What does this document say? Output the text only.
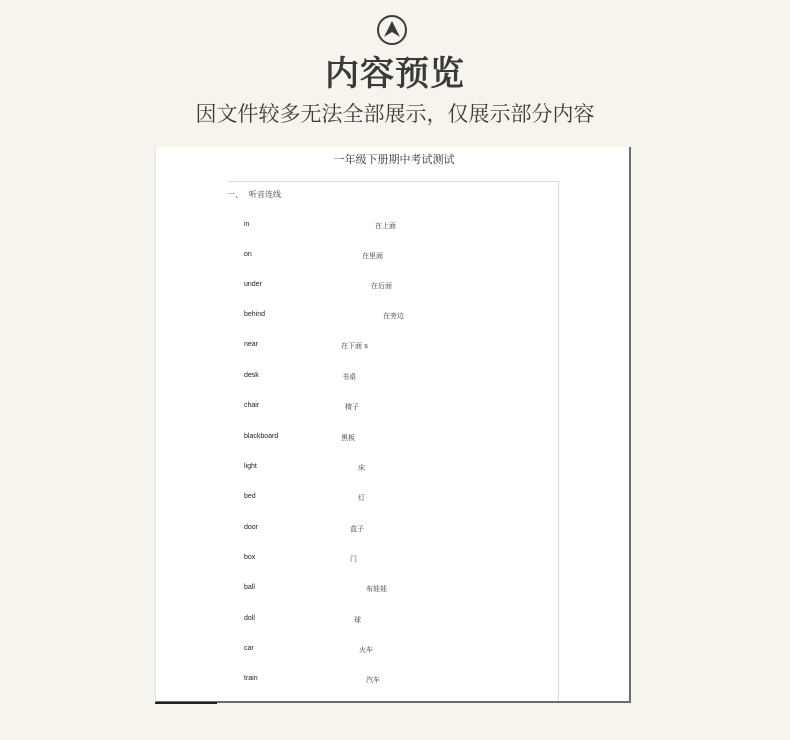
内容预览
因文件较多无法全部展示，仅展示部分内容
一年级下册期中考试测试
一、 听音连线
in	在上面
on	在里面
under	在后面
behind	在旁边
near	在下面 s
desk	书桌
chair	椅子
blackboard	黑板
light	床
bed	灯
door	盒子
box	门
ball	布娃娃
doll	球
car	火车
train	汽车
